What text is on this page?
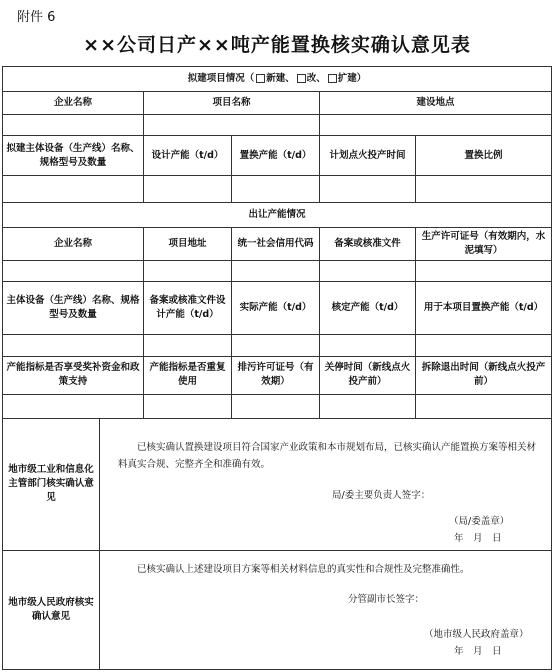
附件 6
××公司日产××吨产能置换核实确认意见表
拟建项目情况（ 新建、 改、 扩建）					
企业名称		项目名称		建设地点	

拟建主体设备（生产线）名称、规格型号及数量		设计产能（t/d）	置换产能（t/d）	计划点火投产时间	置换比例

出让产能情况					
企业名称		项目地址	统一社会信用代码	备案或核准文件	生产许可证号（有效期内，水泥填写）

主体设备（生产线）名称、规格型号及数量		备案或核准文件设计产能（t/d）	实际产能（t/d）	核定产能（t/d）	用于本项目置换产能（t/d）

产能指标是否享受奖补资金和政策支持		产能指标是否重复使用	排污许可证号（有效期）	关停时间（新线点火投产前）	拆除退出时间（新线点火投产前）

地市级工业和信息化主管部门核实确认意见	已核实确认置换建设项目符合国家产业政策和本市规划布局，已核实确认产能置换方案等相关材料真实合规、完整齐全和准确有效。
局/委主要负责人签字：
（局/委盖章）
年　月　日				

地市级人民政府核实确认意见	已核实确认上述建设项目方案等相关材料信息的真实性和合规性及完整准确性。
分管副市长签字：
（地市级人民政府盖章）
年　月　日				
